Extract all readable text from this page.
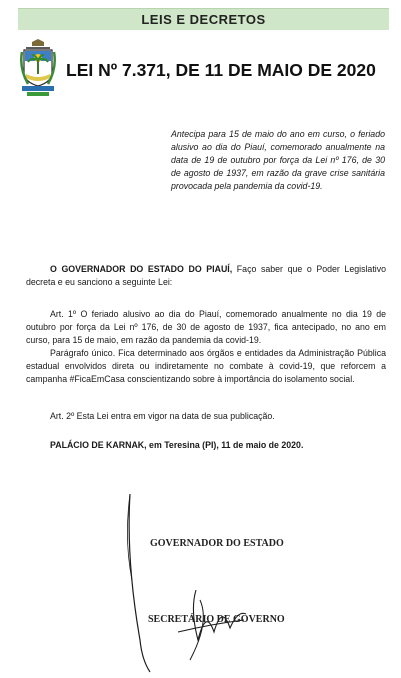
LEIS E DECRETOS
LEI Nº 7.371, DE 11 DE MAIO DE 2020
Antecipa para 15 de maio do ano em curso, o feriado alusivo ao dia do Piauí, comemorado anualmente na data de 19 de outubro por força da Lei nº 176, de 30 de agosto de 1937, em razão da grave crise sanitária provocada pela pandemia da covid-19.
O GOVERNADOR DO ESTADO DO PIAUÍ, Faço saber que o Poder Legislativo decreta e eu sanciono a seguinte Lei:
Art. 1º O feriado alusivo ao dia do Piauí, comemorado anualmente no dia 19 de outubro por força da Lei nº 176, de 30 de agosto de 1937, fica antecipado, no ano em curso, para 15 de maio, em razão da pandemia da covid-19.
Parágrafo único. Fica determinado aos órgãos e entidades da Administração Pública estadual envolvidos direta ou indiretamente no combate à covid-19, que reforcem a campanha #FicaEmCasa conscientizando sobre à importância do isolamento social.
Art. 2º Esta Lei entra em vigor na data de sua publicação.
PALÁCIO DE KARNAK, em Teresina (PI), 11 de maio de 2020.
GOVERNADOR DO ESTADO
SECRETÁRIO DE GOVERNO
